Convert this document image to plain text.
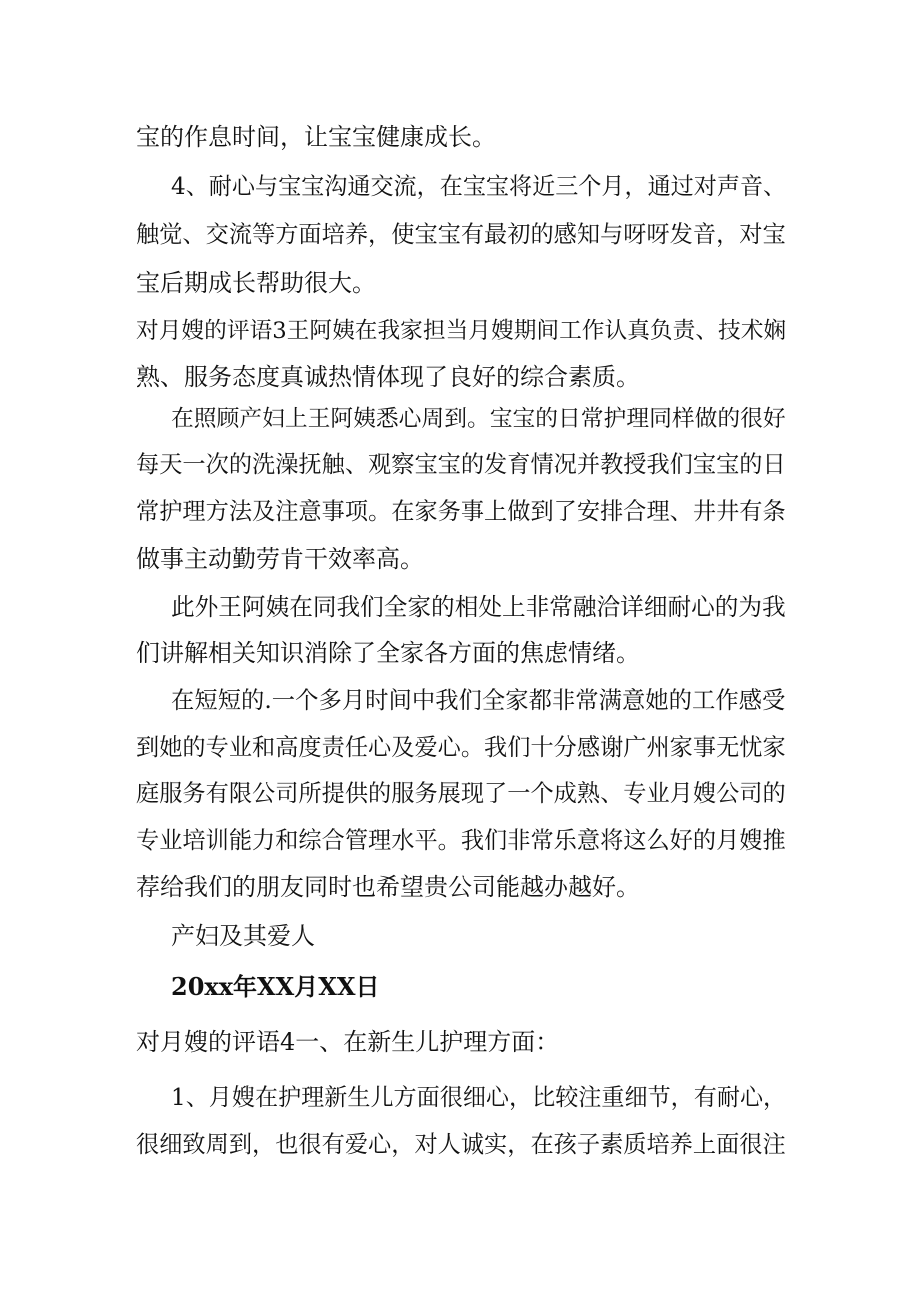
宝的作息时间，让宝宝健康成长。

4、耐心与宝宝沟通交流，在宝宝将近三个月，通过对声音、

触觉、交流等方面培养，使宝宝有最初的感知与呀呀发音，对宝

宝后期成长帮助很大。

对月嫂的评语3王阿姨在我家担当月嫂期间工作认真负责、技术娴

熟、服务态度真诚热情体现了良好的综合素质。

在照顾产妇上王阿姨悉心周到。宝宝的日常护理同样做的很好

每天一次的洗澡抚触、观察宝宝的发育情况并教授我们宝宝的日

常护理方法及注意事项。在家务事上做到了安排合理、井井有条

做事主动勤劳肯干效率高。

此外王阿姨在同我们全家的相处上非常融洽详细耐心的为我

们讲解相关知识消除了全家各方面的焦虑情绪。

在短短的.一个多月时间中我们全家都非常满意她的工作感受

到她的专业和高度责任心及爱心。我们十分感谢广州家事无忧家

庭服务有限公司所提供的服务展现了一个成熟、专业月嫂公司的

专业培训能力和综合管理水平。我们非常乐意将这么好的月嫂推

荐给我们的朋友同时也希望贵公司能越办越好。

产妇及其爱人

20xx年XX月XX日

对月嫂的评语4一、在新生儿护理方面：

1、月嫂在护理新生儿方面很细心，比较注重细节，有耐心，

很细致周到，也很有爱心，对人诚实，在孩子素质培养上面很注
